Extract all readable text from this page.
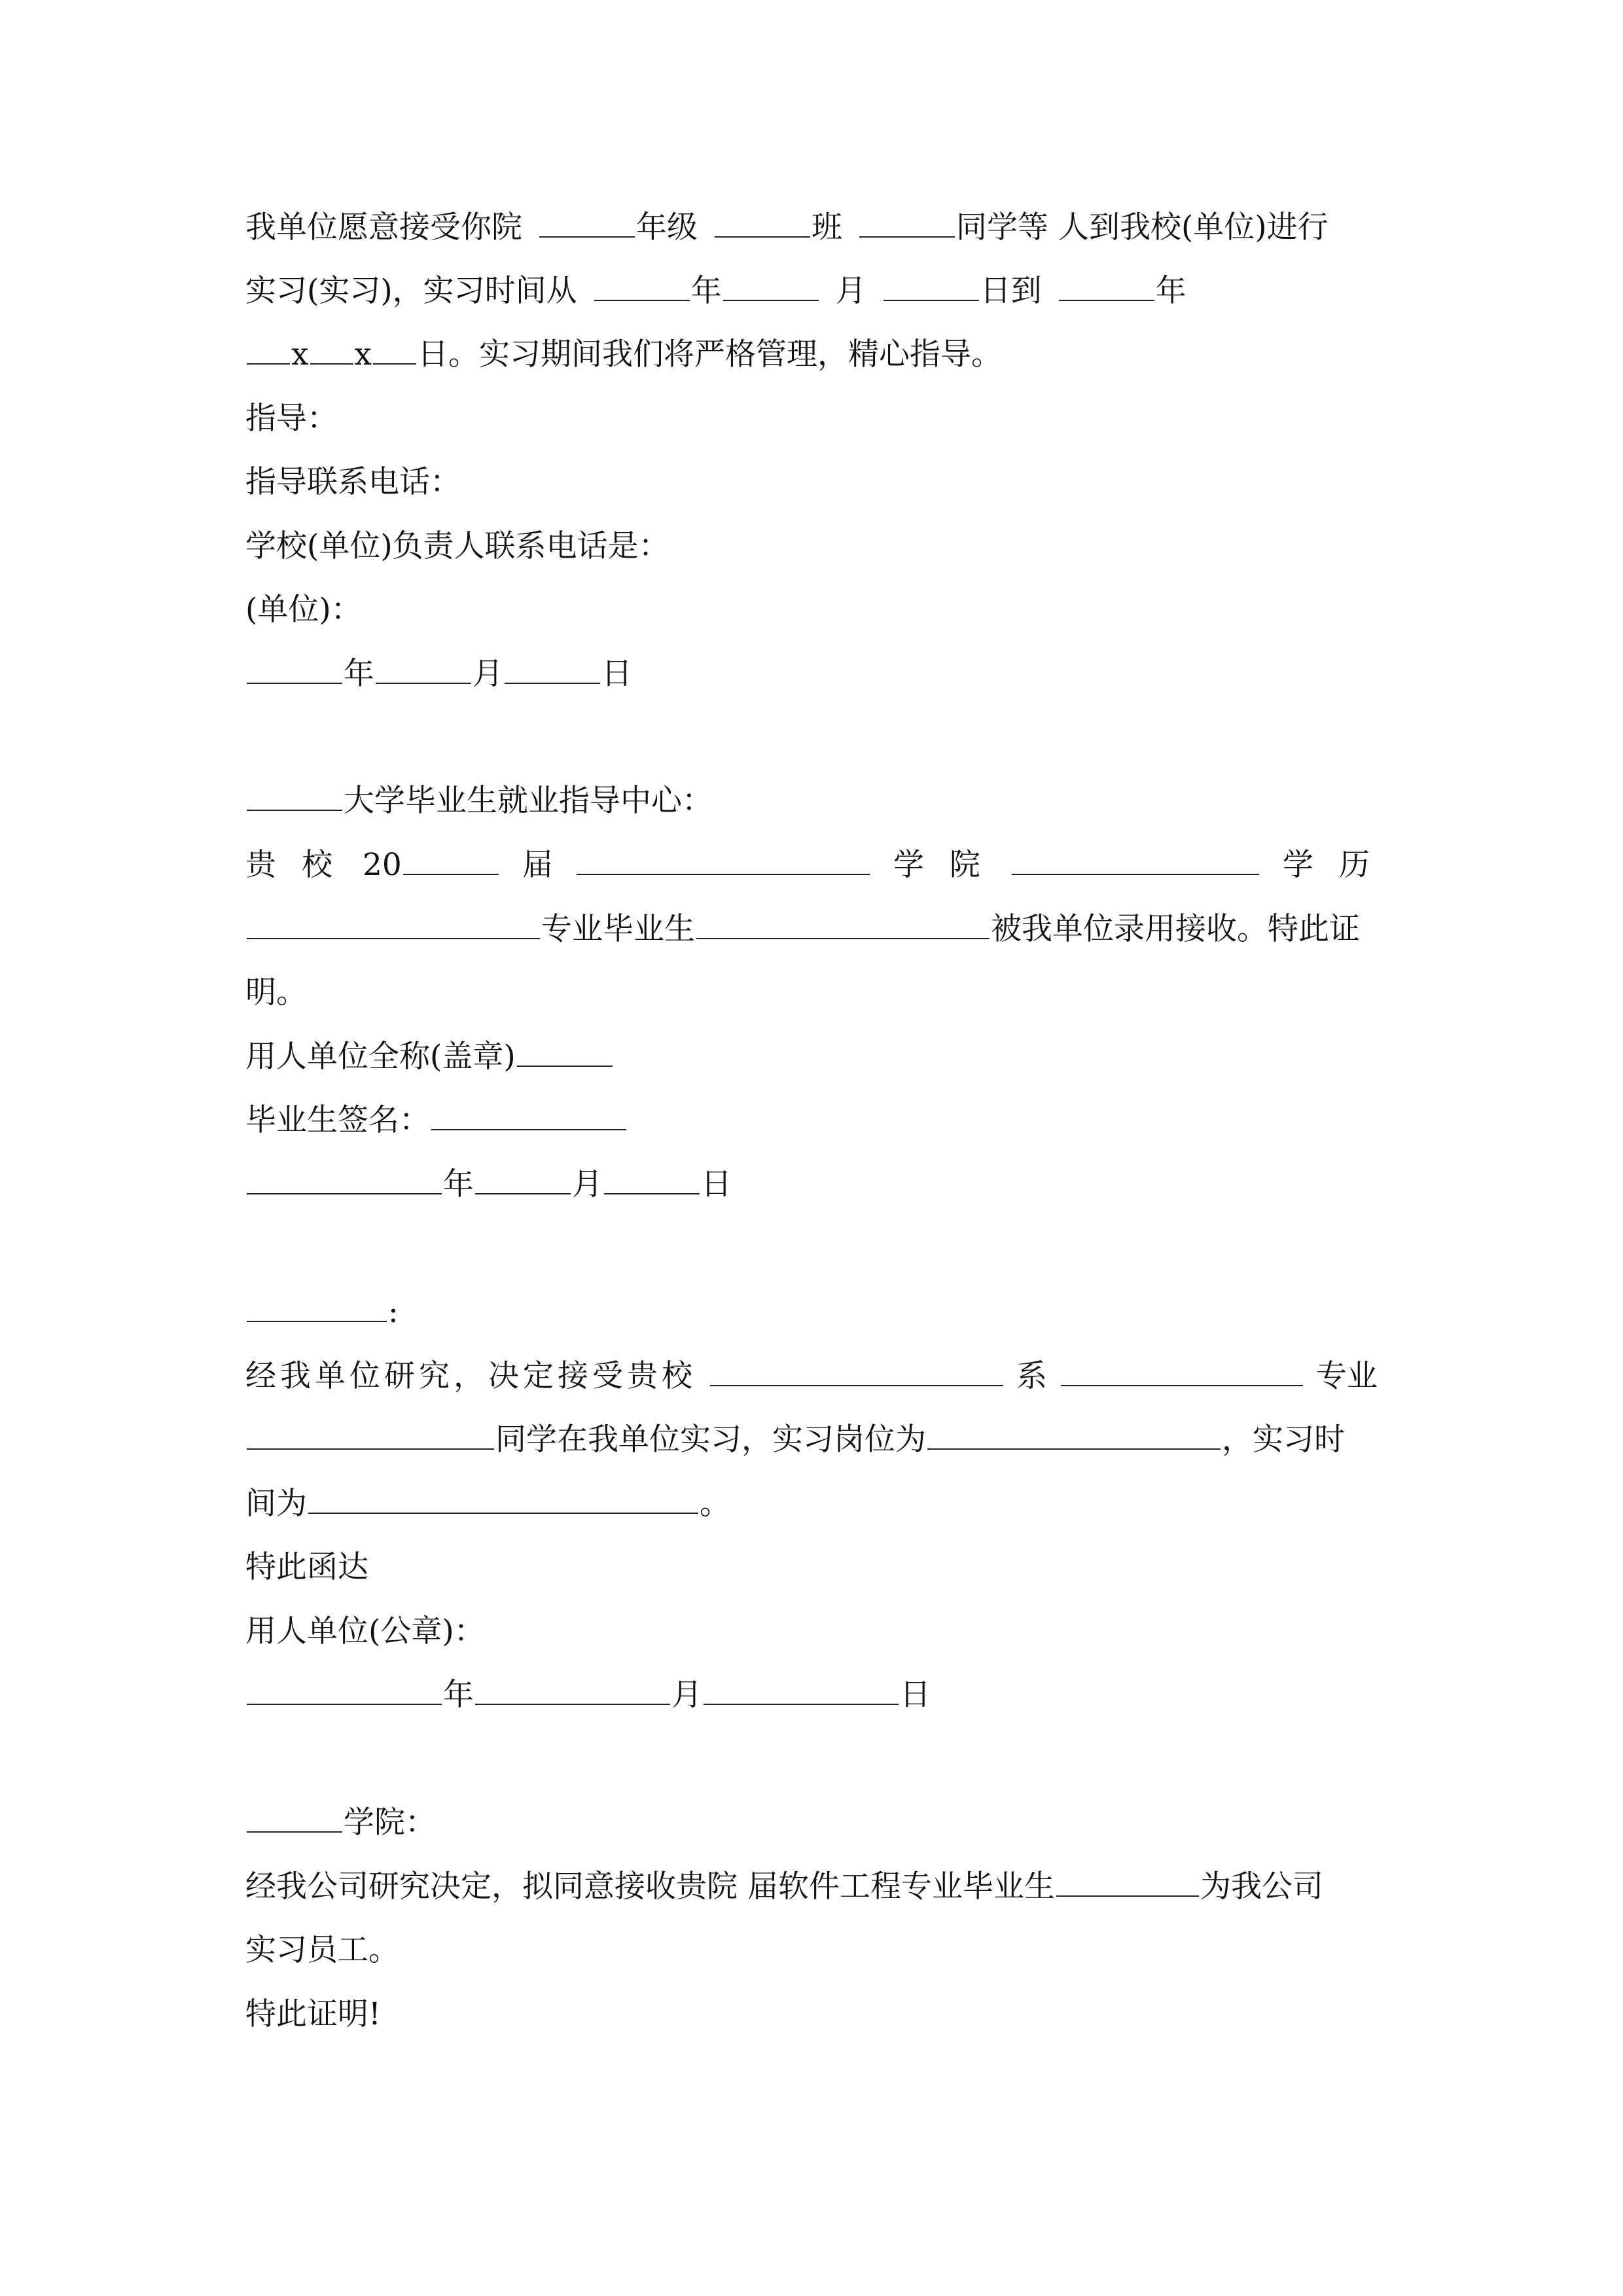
我单位愿意接受你院	年级	班	同学等 人到我校(单位)进行
实习(实习)，实习时间从	年	月	日到	年
x x 日。实习期间我们将严格管理，精心指导。
指导：
指导联系电话：
学校(单位)负责人联系电话是：
(单位)：
年	月	日
大学毕业生就业指导中心：
贵 校 20	届	学 院	学 历
专业毕业生	被我单位录用接收。特此证
明。
用人单位全称(盖章)
毕业生签名：
年	月	日
:
经我单位研究，决定接受贵校	系	专业
同学在我单位实习，实习岗位为	，实习时
间为	。
特此函达
用人单位(公章)：
年	月	日
学院：
经我公司研究决定，拟同意接收贵院 届软件工程专业毕业生	为我公司
实习员工。
特此证明!
